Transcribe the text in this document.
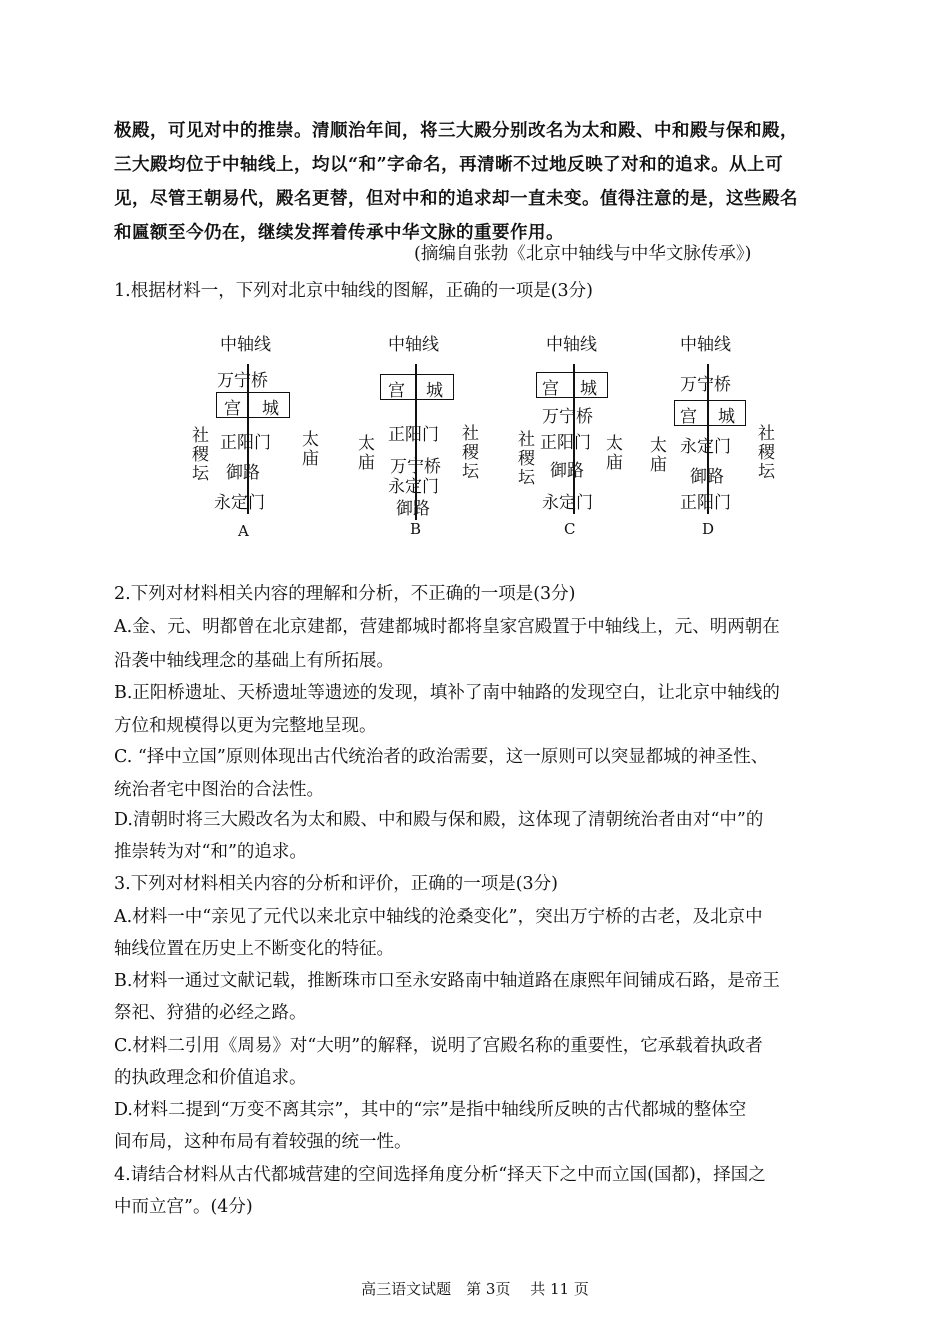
极殿，可见对中的推崇。清顺治年间，将三大殿分别改名为太和殿、中和殿与保和殿，
三大殿均位于中轴线上，均以“和”字命名，再清晰不过地反映了对和的追求。从上可
见，尽管王朝易代，殿名更替，但对中和的追求却一直未变。值得注意的是，这些殿名
和匾额至今仍在，继续发挥着传承中华文脉的重要作用。
(摘编自张勃《北京中轴线与中华文脉传承》)
1.根据材料一，下列对北京中轴线的图解，正确的一项是(3分)
中轴线
万宁桥
宫 城
社稷坛	太庙
正阳门
御路
永定门
A
中轴线
宫 城
太庙	社稷坛
正阳门
万宁桥
永定门
御路
B
中轴线
宫 城
社稷坛	太庙
万宁桥
正阳门
御路
永定门
C
中轴线
万宁桥
宫 城
太庙	社稷坛
永定门
御路
正阳门
D
2.下列对材料相关内容的理解和分析，不正确的一项是(3分)
A.金、元、明都曾在北京建都，营建都城时都将皇家宫殿置于中轴线上，元、明两朝在
沿袭中轴线理念的基础上有所拓展。
B.正阳桥遗址、天桥遗址等遗迹的发现，填补了南中轴路的发现空白，让北京中轴线的
方位和规模得以更为完整地呈现。
C. “择中立国”原则体现出古代统治者的政治需要，这一原则可以突显都城的神圣性、
统治者宅中图治的合法性。
D.清朝时将三大殿改名为太和殿、中和殿与保和殿，这体现了清朝统治者由对“中”的
推崇转为对“和”的追求。
3.下列对材料相关内容的分析和评价，正确的一项是(3分)
A.材料一中“亲见了元代以来北京中轴线的沧桑变化”，突出万宁桥的古老，及北京中
轴线位置在历史上不断变化的特征。
B.材料一通过文献记载，推断珠市口至永安路南中轴道路在康熙年间铺成石路，是帝王
祭祀、狩猎的必经之路。
C.材料二引用《周易》对“大明”的解释，说明了宫殿名称的重要性，它承载着执政者
的执政理念和价值追求。
D.材料二提到“万变不离其宗”，其中的“宗”是指中轴线所反映的古代都城的整体空
间布局，这种布局有着较强的统一性。
4.请结合材料从古代都城营建的空间选择角度分析“择天下之中而立国(国都)，择国之
中而立宫”。(4分)
高三语文试题　第 3页　 共 11 页
